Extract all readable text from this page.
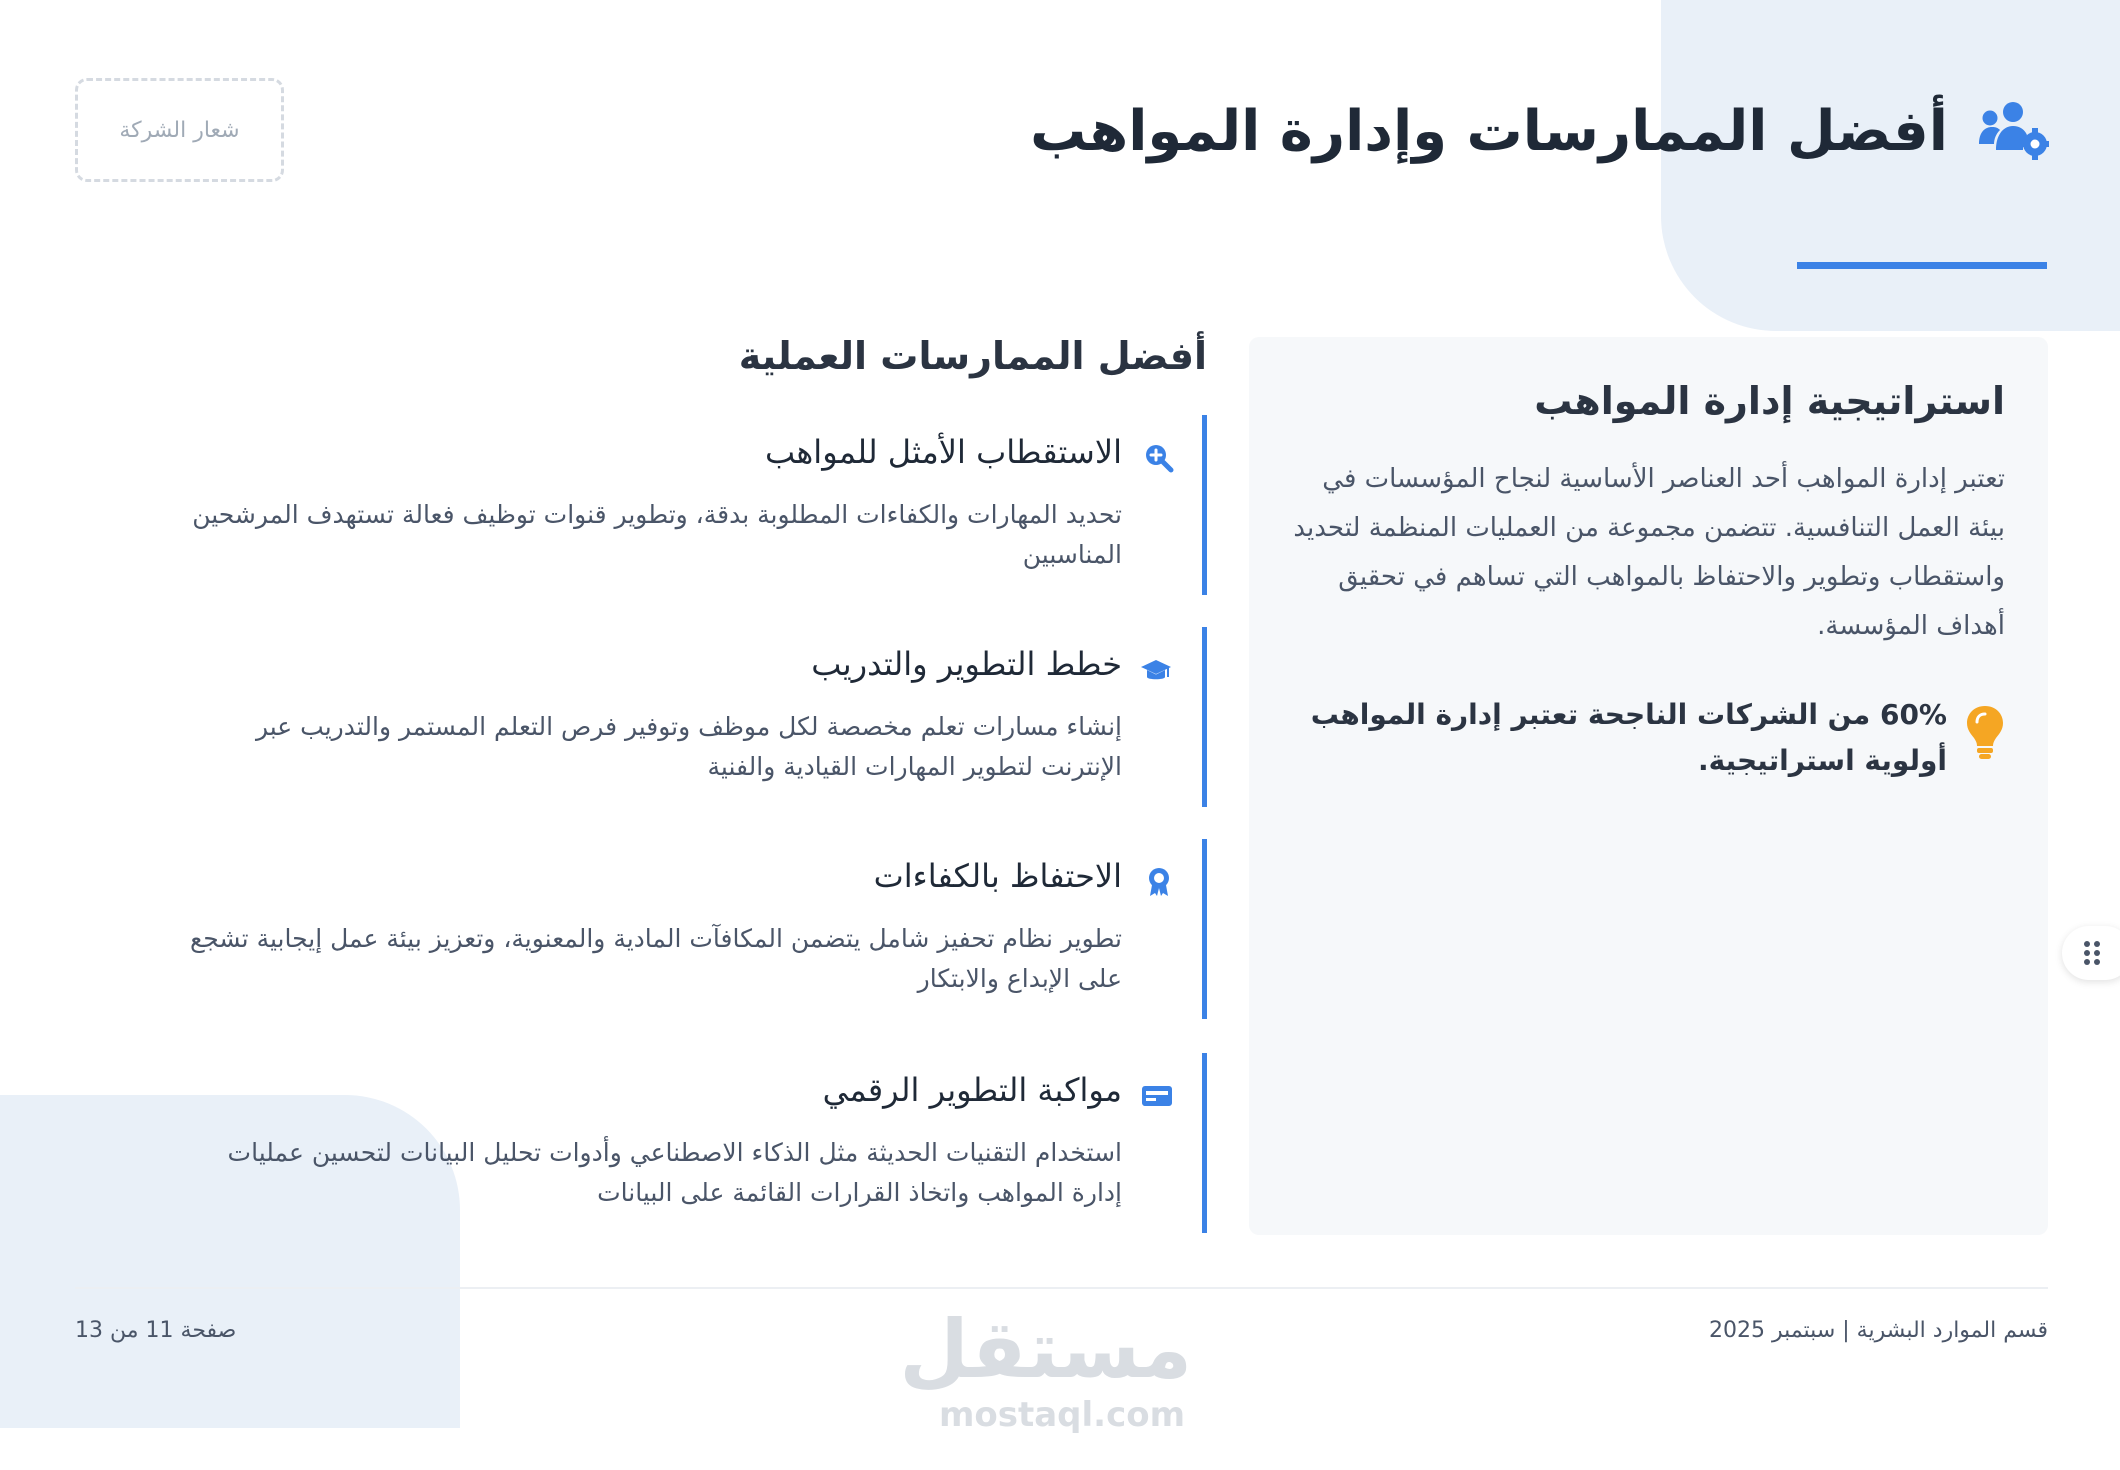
شعار الشركة	أفضل الممارسات وإدارة المواهب
استراتيجية إدارة المواهب

تعتبر إدارة المواهب أحد العناصر الأساسية لنجاح المؤسسات في بيئة العمل التنافسية. تتضمن مجموعة من العمليات المنظمة لتحديد واستقطاب وتطوير والاحتفاظ بالمواهب التي تساهم في تحقيق أهداف المؤسسة.

60% من الشركات الناجحة تعتبر إدارة المواهب أولوية استراتيجية.

أفضل الممارسات العملية
الاستقطاب الأمثل للمواهب

تحديد المهارات والكفاءات المطلوبة بدقة، وتطوير قنوات توظيف فعالة تستهدف المرشحين المناسبين

خطط التطوير والتدريب

إنشاء مسارات تعلم مخصصة لكل موظف وتوفير فرص التعلم المستمر والتدريب عبر الإنترنت لتطوير المهارات القيادية والفنية

الاحتفاظ بالكفاءات

تطوير نظام تحفيز شامل يتضمن المكافآت المادية والمعنوية، وتعزيز بيئة عمل إيجابية تشجع على الإبداع والابتكار

مواكبة التطوير الرقمي

استخدام التقنيات الحديثة مثل الذكاء الاصطناعي وأدوات تحليل البيانات لتحسين عمليات إدارة المواهب واتخاذ القرارات القائمة على البيانات

قسم الموارد البشرية | سبتمبر 2025
صفحة 11 من 13	مستقل
mostaql.com
